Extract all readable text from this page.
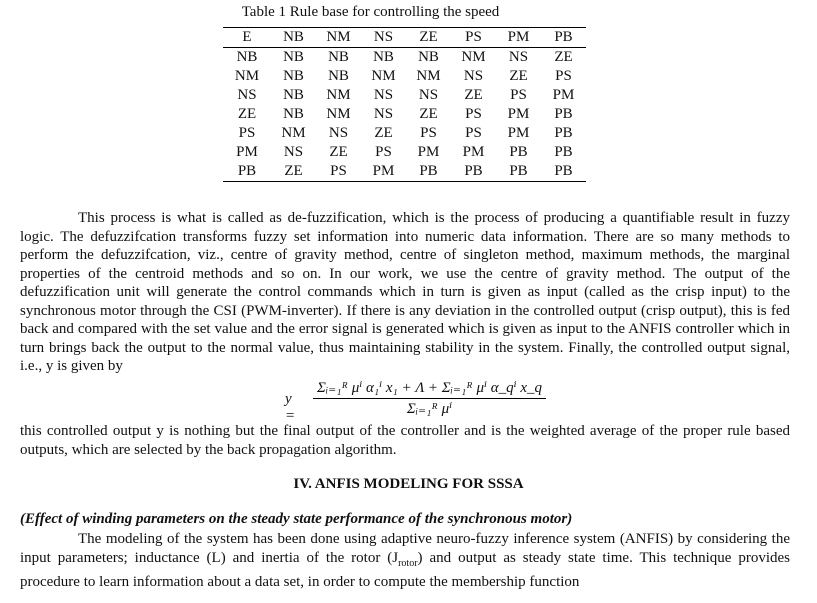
Table 1 Rule base for controlling the speed
E	NB	NM	NS	ZE	PS	PM	PB
NB	NB	NB	NB	NB	NM	NS	ZE
NM	NB	NB	NM	NM	NS	ZE	PS
NS	NB	NM	NS	NS	ZE	PS	PM
ZE	NB	NM	NS	ZE	PS	PM	PB
PS	NM	NS	ZE	PS	PS	PM	PB
PM	NS	ZE	PS	PM	PM	PB	PB
PB	ZE	PS	PM	PB	PB	PB	PB
This process is what is called as de-fuzzification, which is the process of producing a quantifiable result in fuzzy logic. The defuzzifcation transforms fuzzy set information into numeric data information. There are so many methods to perform the defuzzifcation, viz., centre of gravity method, centre of singleton method, maximum methods, the marginal properties of the centroid methods and so on. In our work, we use the centre of gravity method. The output of the defuzzification unit will generate the control commands which in turn is given as input (called as the crisp input) to the synchronous motor through the CSI (PWM-inverter). If there is any deviation in the controlled output (crisp output), this is fed back and compared with the set value and the error signal is generated which is given as input to the ANFIS controller which in turn brings back the output to the normal value, thus maintaining stability in the system. Finally, the controlled output signal, i.e., y is given by
$y = \frac{\text{Σᵢ₌₁ᴿ μⁱ α₁ⁱ x₁ + Λ + Σᵢ₌₁ᴿ μⁱ α\_qⁱ x\_q}}{\text{Σᵢ₌₁ᴿ μⁱ}}$
this controlled output y is nothing but the final output of the controller and is the weighted average of the proper rule based outputs, which are selected by the back propagation algorithm.
IV. ANFIS MODELING FOR SSSA
(Effect of winding parameters on the steady state performance of the synchronous motor)
The modeling of the system has been done using adaptive neuro-fuzzy inference system (ANFIS) by considering the input parameters; inductance (L) and inertia of the rotor $(J_{rotor})$ and output as steady state time. This technique provides procedure to learn information about a data set, in order to compute the membership function
